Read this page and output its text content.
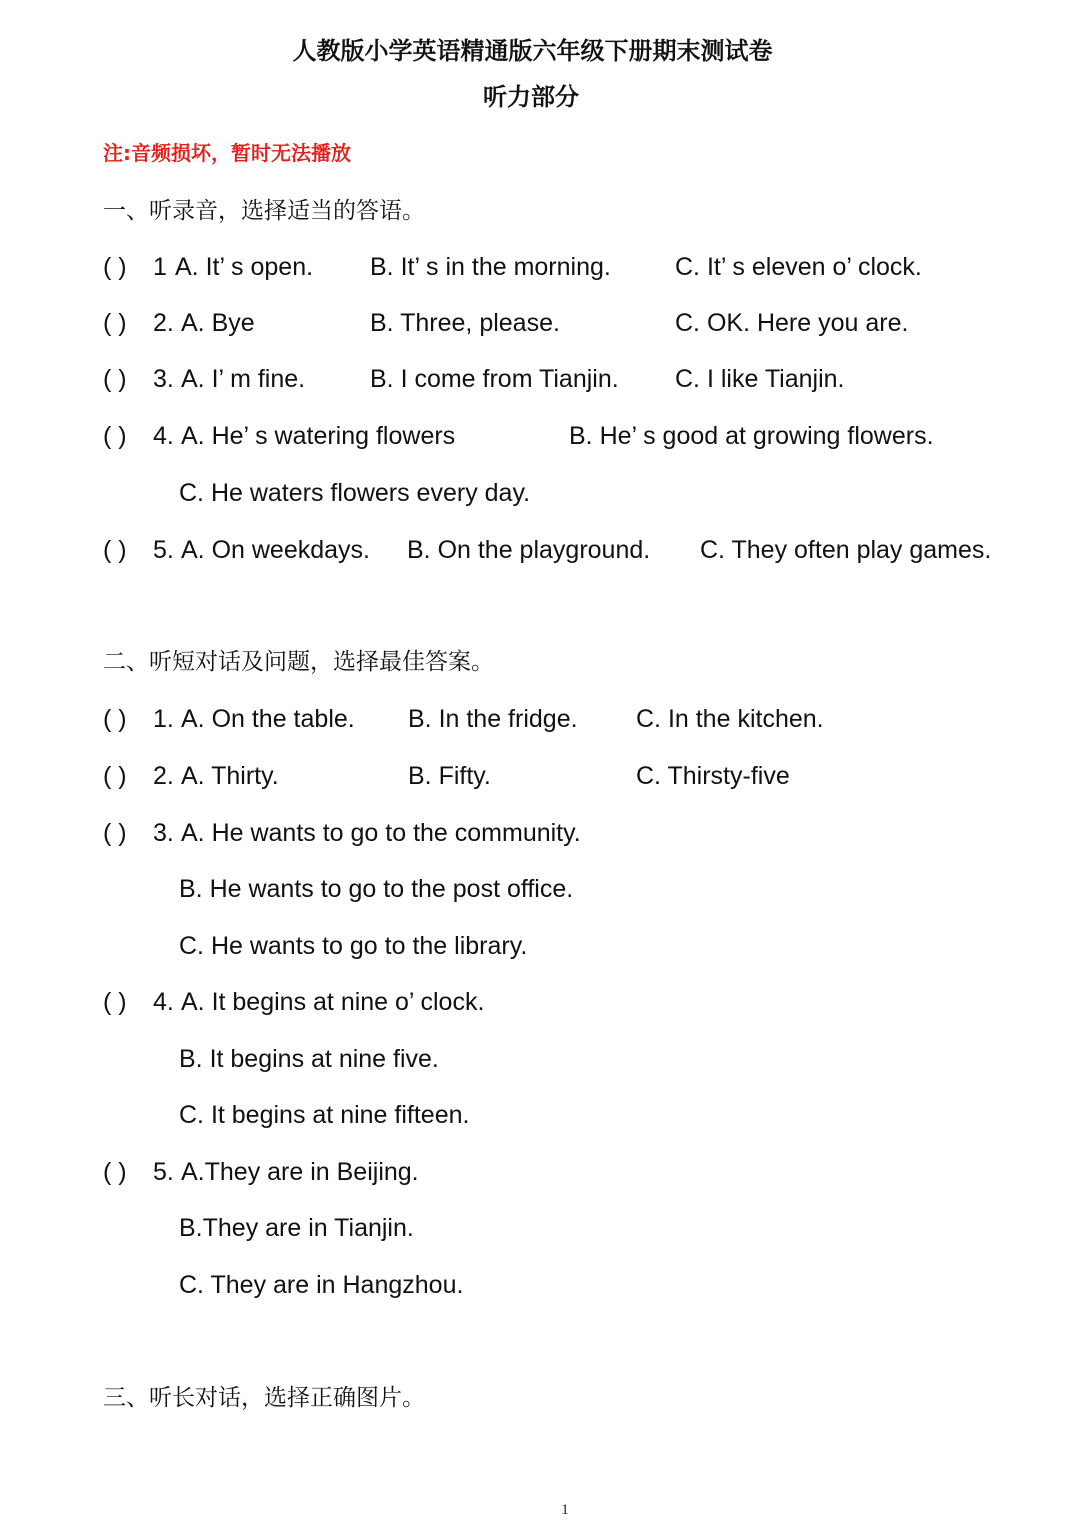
人教版小学英语精通版六年级下册期末测试卷
听力部分
注:音频损坏，暂时无法播放
一、听录音，选择适当的答语。
( ) 1 A. It’ s open. B. It’ s in the morning.	C. It’ s eleven o’ clock.
( ) 2. A. Bye	B. Three, please.	C. OK. Here you are.
( ) 3. A. I’ m fine.	B. I come from Tianjin. C. I like Tianjin.
( ) 4. A. He’ s watering flowers	B. He’ s good at growing flowers.
C. He waters flowers every day.
( ) 5. A. On weekdays. B. On the playground. C. They often play games.
二、听短对话及问题，选择最佳答案。
( ) 1. A. On the table. B. In the fridge. C. In the kitchen.
( ) 2. A. Thirty.	B. Fifty.	C. Thirsty-five
( ) 3. A. He wants to go to the community.
B. He wants to go to the post office.
C. He wants to go to the library.
( ) 4. A. It begins at nine o’ clock.
B. It begins at nine five.
C. It begins at nine fifteen.
( ) 5. A.They are in Beijing.
B.They are in Tianjin.
C. They are in Hangzhou.
三、听长对话，选择正确图片。
1
